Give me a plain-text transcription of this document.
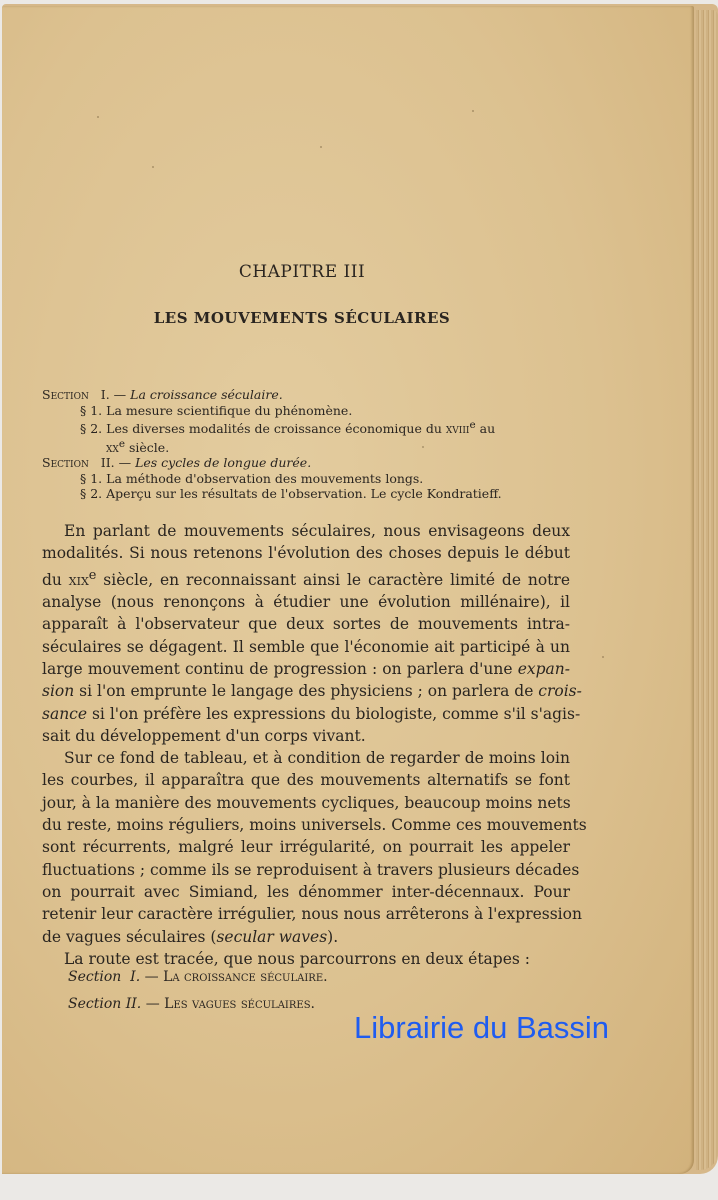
CHAPITRE III
LES MOUVEMENTS SÉCULAIRES
Section I. — La croissance séculaire.
§ 1. La mesure scientifique du phénomène.
§ 2. Les diverses modalités de croissance économique du xviii$^e$ au
$xx^e$ siècle.
Section II. — Les cycles de longue durée.
§ 1. La méthode d'observation des mouvements longs.
§ 2. Aperçu sur les résultats de l'observation. Le cycle Kondratieff.
En parlant de mouvements séculaires, nous envisageons deux
modalités. Si nous retenons l'évolution des choses depuis le début
du xix$^e$ siècle, en reconnaissant ainsi le caractère limité de notre
analyse (nous renonçons à étudier une évolution millénaire), il
apparaît à l'observateur que deux sortes de mouvements intra-
séculaires se dégagent. Il semble que l'économie ait participé à un
large mouvement continu de progression : on parlera d'une expan-
sion si l'on emprunte le langage des physiciens ; on parlera de crois-
sance si l'on préfère les expressions du biologiste, comme s'il s'agis-
sait du développement d'un corps vivant.
Sur ce fond de tableau, et à condition de regarder de moins loin
les courbes, il apparaîtra que des mouvements alternatifs se font
jour, à la manière des mouvements cycliques, beaucoup moins nets
du reste, moins réguliers, moins universels. Comme ces mouvements
sont récurrents, malgré leur irrégularité, on pourrait les appeler
fluctuations ; comme ils se reproduisent à travers plusieurs décades
on pourrait avec Simiand, les dénommer inter-décennaux. Pour
retenir leur caractère irrégulier, nous nous arrêterons à l'expression
de vagues séculaires (secular waves).
La route est tracée, que nous parcourrons en deux étapes :
Section I. — La croissance séculaire.
Section II. — Les vagues séculaires.
Librairie du Bassin
